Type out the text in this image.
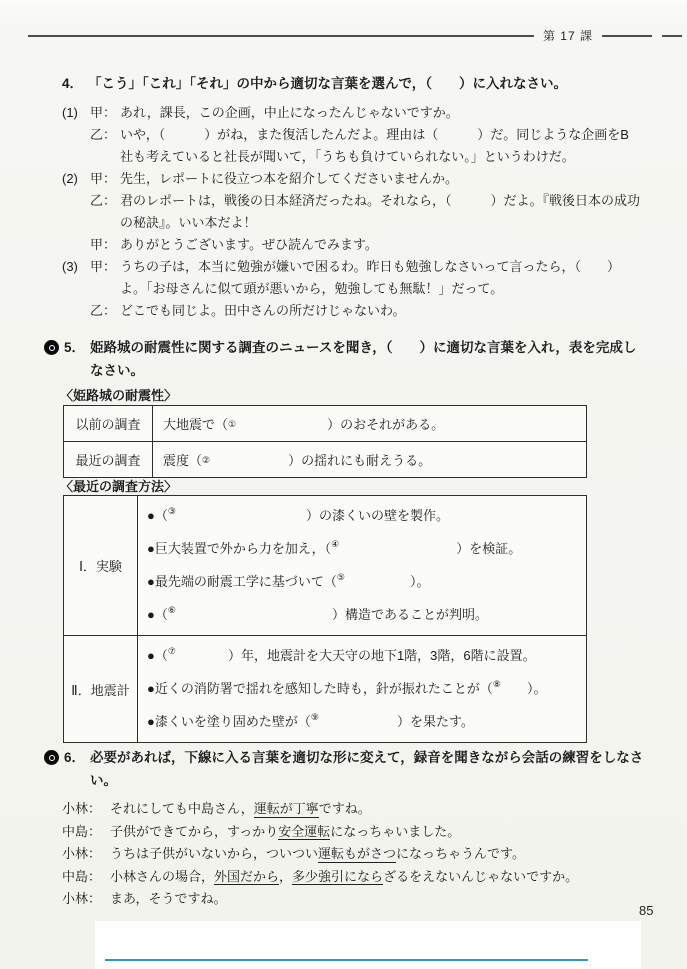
第 17 課
4． 「こう」「これ」「それ」の中から適切な言葉を選んで，（　　）に入れなさい。
(1) 甲： あれ，課長，この企画，中止になったんじゃないですか。
乙： いや，（　　　）がね，また復活したんだよ。理由は（　　　）だ。同じような企画をB社も考えていると社長が聞いて，「うちも負けていられない。」というわけだ。
(2) 甲： 先生，レポートに役立つ本を紹介してくださいませんか。
乙： 君のレポートは，戦後の日本経済だったね。それなら，（　　　）だよ。『戦後日本の成功の秘訣』。いい本だよ！
甲： ありがとうございます。ぜひ読んでみます。
(3) 甲： うちの子は，本当に勉強が嫌いで困るわ。昨日も勉強しなさいって言ったら，（　　）よ。「お母さんに似て頭が悪いから，勉強しても無駄！」だって。
乙： どこでも同じよ。田中さんの所だけじゃないわ。
5． 姫路城の耐震性に関する調査のニュースを聞き，（　　）に適切な言葉を入れ，表を完成しなさい。
〈姫路城の耐震性〉
以前の調査	大地震で（ ① 　　　　　　　）のおそれがある。
最近の調査	震度（ ② 　　　　　　）の揺れにも耐えうる。
〈最近の調査方法〉
Ⅰ．実験
●（③　　　　　　　　　　）の漆くいの壁を製作。
●巨大装置で外から力を加え，（④　　　　　　　　　）を検証。
●最先端の耐震工学に基づいて（⑤　　　　　）。
●（⑥　　　　　　　　　　　　）構造であることが判明。
Ⅱ．地震計
●（⑦　　　　）年，地震計を大天守の地下1階，3階，6階に設置。
●近くの消防署で揺れを感知した時も，針が振れたことが（⑧　　）。
●漆くいを塗り固めた壁が（⑨　　　　　　）を果たす。
6． 必要があれば，下線に入る言葉を適切な形に変えて，録音を聞きながら会話の練習をしなさい。
小林： それにしても中島さん，運転が丁寧ですね。
中島： 子供ができてから，すっかり安全運転になっちゃいました。
小林： うちは子供がいないから，ついつい運転もがさつになっちゃうんです。
中島： 小林さんの場合，外国だから，多少強引にならざるをえないんじゃないですか。
小林： まあ，そうですね。
85
